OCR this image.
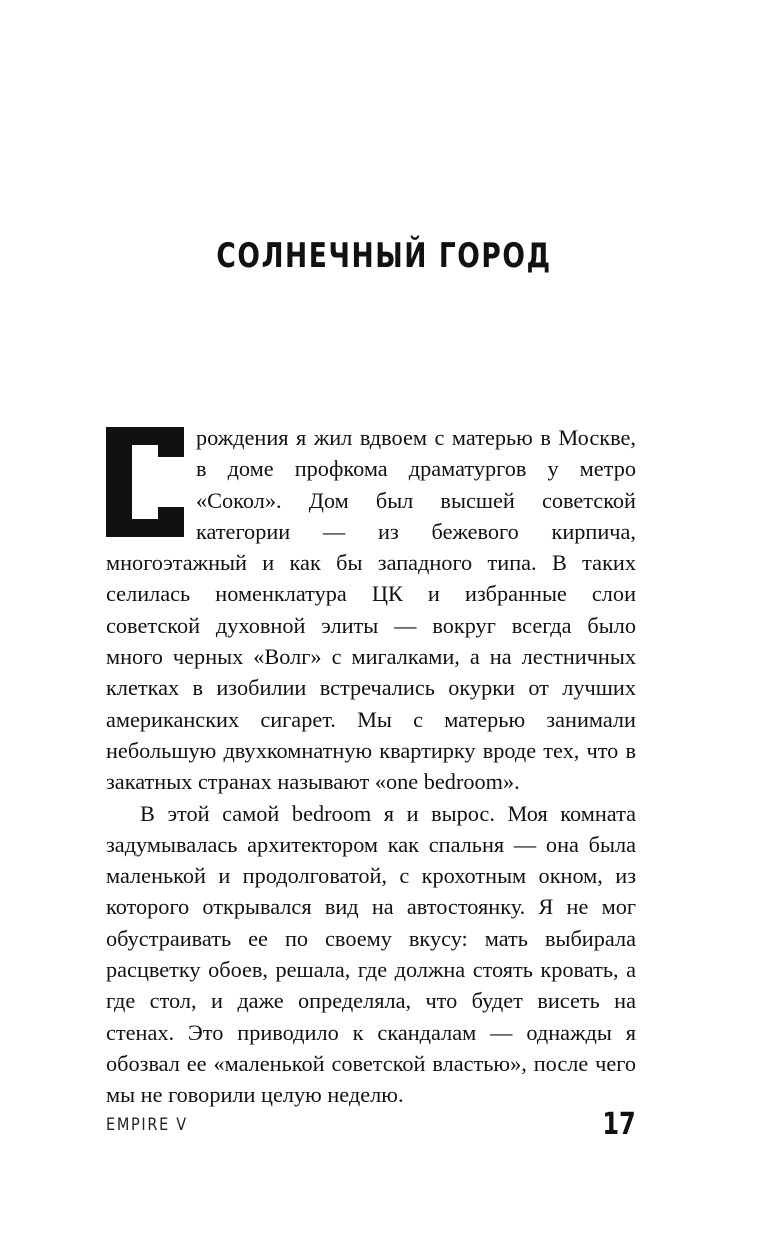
СОЛНЕЧНЫЙ ГОРОД

рождения я жил вдвоем с матерью в Москве, в доме профкома драматургов у метро «Сокол». Дом был высшей советской категории — из бежевого кирпича, многоэтажный и как бы западного типа. В таких селилась номенклатура ЦК и избранные слои советской духовной элиты — вокруг всегда было много черных «Волг» с мигалками, а на лестничных клетках в изобилии встречались окурки от лучших американских сигарет. Мы с матерью занимали небольшую двухкомнатную квартирку вроде тех, что в закатных странах называют «one bedroom».

В этой самой bedroom я и вырос. Моя комната задумывалась архитектором как спальня — она была маленькой и продолговатой, с крохотным окном, из которого открывался вид на автостоянку. Я не мог обустраивать ее по своему вкусу: мать выбирала расцветку обоев, решала, где должна стоять кровать, а где стол, и даже определяла, что будет висеть на стенах. Это приводило к скандалам — однажды я обозвал ее «маленькой советской властью», после чего мы не говорили целую неделю.

EMPIRE V	17
